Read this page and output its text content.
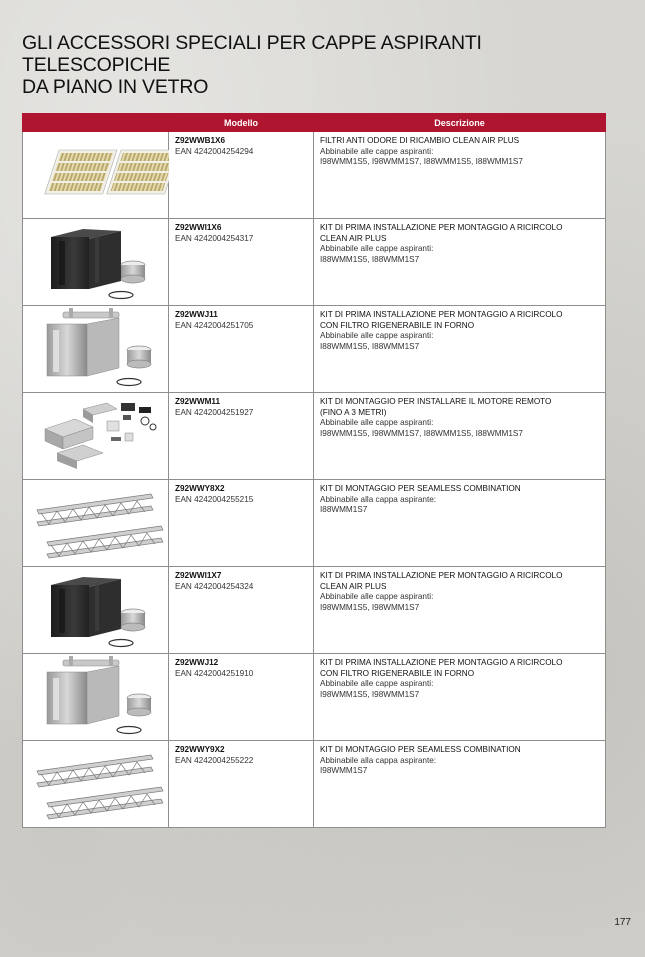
GLI ACCESSORI SPECIALI PER CAPPE ASPIRANTI TELESCOPICHE
DA PIANO IN VETRO
	Modello	Descrizione

Z92WWB1X6
EAN 4242004254294	FILTRI ANTI ODORE DI RICAMBIO CLEAN AIR PLUS
Abbinabile alle cappe aspiranti:
I98WMM1S5, I98WMM1S7, I88WMM1S5, I88WMM1S7

Z92WWI1X6
EAN 4242004254317	KIT DI PRIMA INSTALLAZIONE PER MONTAGGIO A RICIRCOLO
CLEAN AIR PLUS
Abbinabile alle cappe aspiranti:
I88WMM1S5, I88WMM1S7

Z92WWJ11
EAN 4242004251705	KIT DI PRIMA INSTALLAZIONE PER MONTAGGIO A RICIRCOLO
CON FILTRO RIGENERABILE IN FORNO
Abbinabile alle cappe aspiranti:
I88WMM1S5, I88WMM1S7

Z92WWM11
EAN 4242004251927	KIT DI MONTAGGIO PER INSTALLARE IL MOTORE REMOTO
(FINO A 3 METRI)
Abbinabile alle cappe aspiranti:
I98WMM1S5, I98WMM1S7, I88WMM1S5, I88WMM1S7

Z92WWY8X2
EAN 4242004255215	KIT DI MONTAGGIO PER SEAMLESS COMBINATION
Abbinabile alla cappa aspirante:
I88WMM1S7

Z92WWI1X7
EAN 4242004254324	KIT DI PRIMA INSTALLAZIONE PER MONTAGGIO A RICIRCOLO
CLEAN AIR PLUS
Abbinabile alle cappe aspiranti:
I98WMM1S5, I98WMM1S7

Z92WWJ12
EAN 4242004251910	KIT DI PRIMA INSTALLAZIONE PER MONTAGGIO A RICIRCOLO
CON FILTRO RIGENERABILE IN FORNO
Abbinabile alle cappe aspiranti:
I98WMM1S5, I98WMM1S7

Z92WWY9X2
EAN 4242004255222	KIT DI MONTAGGIO PER SEAMLESS COMBINATION
Abbinabile alla cappa aspirante:
I98WMM1S7
177
